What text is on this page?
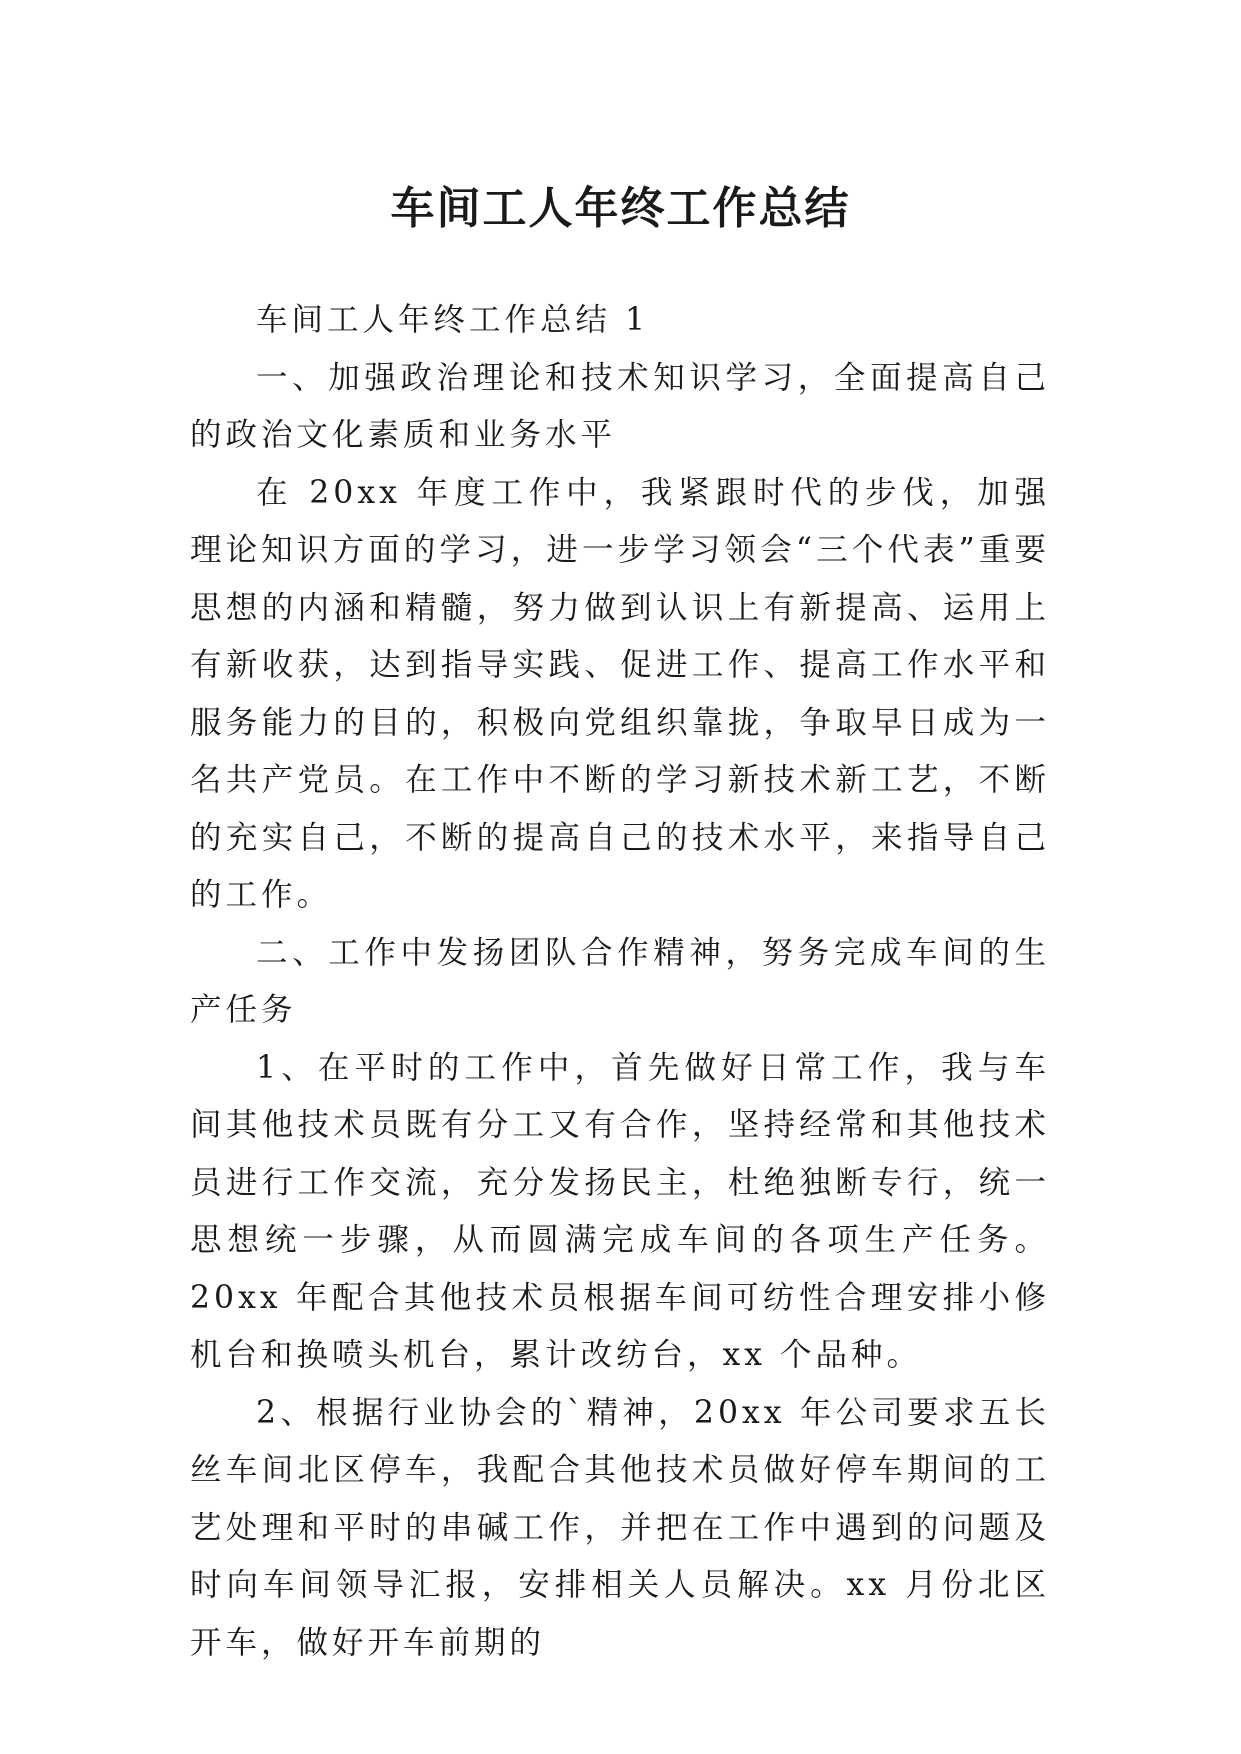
车间工人年终工作总结

车间工人年终工作总结 1

一、加强政治理论和技术知识学习，全面提高自己的政治文化素质和业务水平

在 20xx 年度工作中，我紧跟时代的步伐，加强理论知识方面的学习，进一步学习领会“三个代表”重要思想的内涵和精髓，努力做到认识上有新提高、运用上有新收获，达到指导实践、促进工作、提高工作水平和服务能力的目的，积极向党组织靠拢，争取早日成为一名共产党员。在工作中不断的学习新技术新工艺，不断的充实自己，不断的提高自己的技术水平，来指导自己的工作。

二、工作中发扬团队合作精神，努务完成车间的生产任务

1、在平时的工作中，首先做好日常工作，我与车间其他技术员既有分工又有合作，坚持经常和其他技术员进行工作交流，充分发扬民主，杜绝独断专行，统一思想统一步骤，从而圆满完成车间的各项生产任务。20xx 年配合其他技术员根据车间可纺性合理安排小修机台和换喷头机台，累计改纺台，xx 个品种。

2、根据行业协会的`精神，20xx 年公司要求五长丝车间北区停车，我配合其他技术员做好停车期间的工艺处理和平时的串碱工作，并把在工作中遇到的问题及时向车间领导汇报，安排相关人员解决。xx 月份北区开车，做好开车前期的
